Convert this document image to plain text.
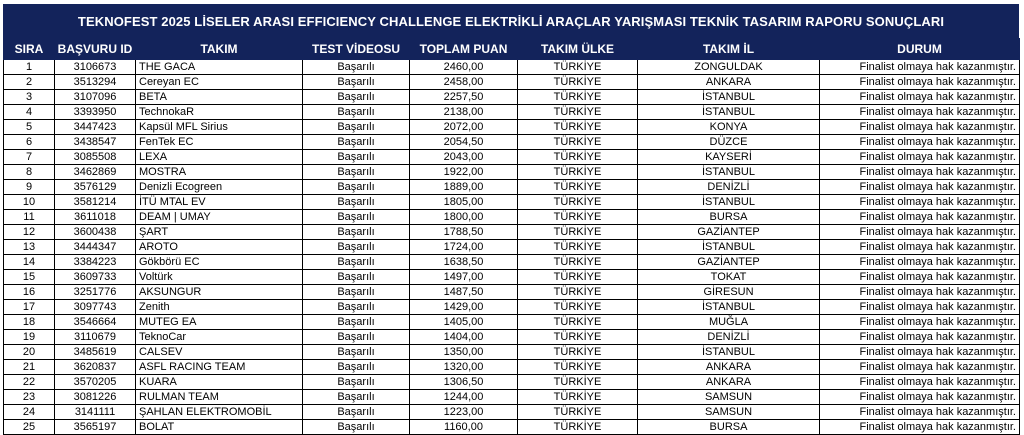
TEKNOFEST 2025 LİSELER ARASI EFFICIENCY CHALLENGE ELEKTRİKLİ ARAÇLAR YARIŞMASI TEKNİK TASARIM RAPORU SONUÇLARI
SIRA	BAŞVURU ID	TAKIM	TEST VİDEOSU	TOPLAM PUAN	TAKIM ÜLKE	TAKIM İL	DURUM
1	3106673	THE GACA	Başarılı	2460,00	TÜRKİYE	ZONGULDAK	Finalist olmaya hak kazanmıştır.
2	3513294	Cereyan EC	Başarılı	2458,00	TÜRKİYE	ANKARA	Finalist olmaya hak kazanmıştır.
3	3107096	BETA	Başarılı	2257,50	TÜRKİYE	İSTANBUL	Finalist olmaya hak kazanmıştır.
4	3393950	TechnokaR	Başarılı	2138,00	TÜRKİYE	İSTANBUL	Finalist olmaya hak kazanmıştır.
5	3447423	Kapsül MFL Sirius	Başarılı	2072,00	TÜRKİYE	KONYA	Finalist olmaya hak kazanmıştır.
6	3438547	FenTek EC	Başarılı	2054,50	TÜRKİYE	DÜZCE	Finalist olmaya hak kazanmıştır.
7	3085508	LEXA	Başarılı	2043,00	TÜRKİYE	KAYSERİ	Finalist olmaya hak kazanmıştır.
8	3462869	MOSTRA	Başarılı	1922,00	TÜRKİYE	İSTANBUL	Finalist olmaya hak kazanmıştır.
9	3576129	Denizli Ecogreen	Başarılı	1889,00	TÜRKİYE	DENİZLİ	Finalist olmaya hak kazanmıştır.
10	3581214	İTÜ MTAL EV	Başarılı	1805,00	TÜRKİYE	İSTANBUL	Finalist olmaya hak kazanmıştır.
11	3611018	DEAM | UMAY	Başarılı	1800,00	TÜRKİYE	BURSA	Finalist olmaya hak kazanmıştır.
12	3600438	ŞART	Başarılı	1788,50	TÜRKİYE	GAZİANTEP	Finalist olmaya hak kazanmıştır.
13	3444347	AROTO	Başarılı	1724,00	TÜRKİYE	İSTANBUL	Finalist olmaya hak kazanmıştır.
14	3384223	Gökbörü EC	Başarılı	1638,50	TÜRKİYE	GAZİANTEP	Finalist olmaya hak kazanmıştır.
15	3609733	Voltürk	Başarılı	1497,00	TÜRKİYE	TOKAT	Finalist olmaya hak kazanmıştır.
16	3251776	AKSUNGUR	Başarılı	1487,50	TÜRKİYE	GİRESUN	Finalist olmaya hak kazanmıştır.
17	3097743	Zenith	Başarılı	1429,00	TÜRKİYE	İSTANBUL	Finalist olmaya hak kazanmıştır.
18	3546664	MUTEG EA	Başarılı	1405,00	TÜRKİYE	MUĞLA	Finalist olmaya hak kazanmıştır.
19	3110679	TeknoCar	Başarılı	1404,00	TÜRKİYE	DENİZLİ	Finalist olmaya hak kazanmıştır.
20	3485619	CALSEV	Başarılı	1350,00	TÜRKİYE	İSTANBUL	Finalist olmaya hak kazanmıştır.
21	3620837	ASFL RACING TEAM	Başarılı	1320,00	TÜRKİYE	ANKARA	Finalist olmaya hak kazanmıştır.
22	3570205	KUARA	Başarılı	1306,50	TÜRKİYE	ANKARA	Finalist olmaya hak kazanmıştır.
23	3081226	RULMAN TEAM	Başarılı	1244,00	TÜRKİYE	SAMSUN	Finalist olmaya hak kazanmıştır.
24	3141111	ŞAHLAN ELEKTROMOBİL	Başarılı	1223,00	TÜRKİYE	SAMSUN	Finalist olmaya hak kazanmıştır.
25	3565197	BOLAT	Başarılı	1160,00	TÜRKİYE	BURSA	Finalist olmaya hak kazanmıştır.
